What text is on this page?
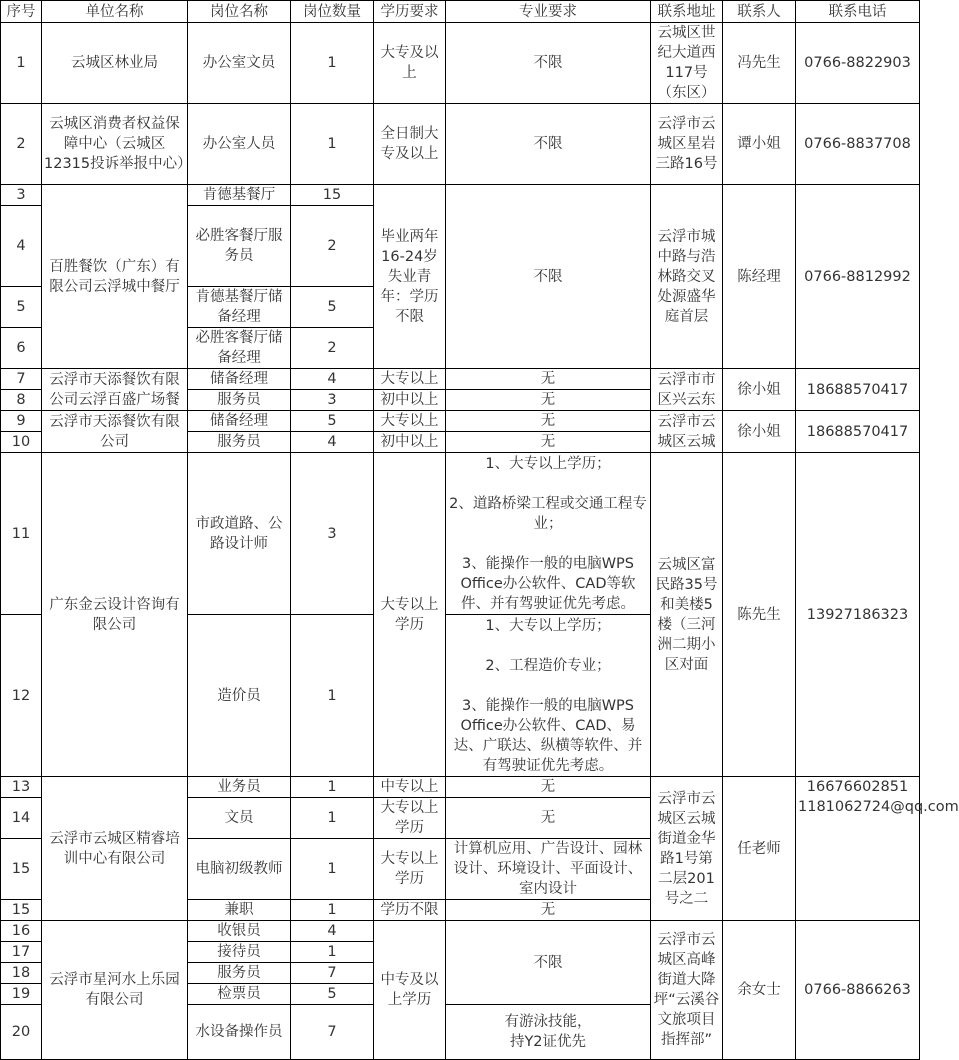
序号	单位名称	岗位名称	岗位数量	学历要求	专业要求	联系地址	联系人	联系电话
1	云城区林业局	办公室文员	1	大专及以上	不限	云城区世纪大道西117号（东区）	冯先生	0766-8822903
2	云城区消费者权益保障中心（云城区12315投诉举报中心）	办公室人员	1	全日制大专及以上	不限	云浮市云城区星岩三路16号	谭小姐	0766-8837708
3	百胜餐饮（广东）有限公司云浮城中餐厅	肯德基餐厅	15	毕业两年16-24岁失业青年：学历不限	不限	云浮市城中路与浩林路交叉处源盛华庭首层	陈经理	0766-8812992
4		必胜客餐厅服务员	2					
5		肯德基餐厅储备经理	5					
6		必胜客餐厅储备经理	2					
7	云浮市天添餐饮有限公司云浮百盛广场餐	储备经理	4	大专以上	无	云浮市市区兴云东	徐小姐	18688570417
8		服务员	3	初中以上	无			
9	云浮市天添餐饮有限公司	储备经理	5	大专以上	无	云浮市云城区云城	徐小姐	18688570417
10		服务员	4	初中以上	无			
11	广东金云设计咨询有限公司	市政道路、公路设计师	3	大专以上学历	1、大专以上学历；

2、道路桥梁工程或交通工程专业；

3、能操作一般的电脑WPS Office办公软件、CAD等软件、并有驾驶证优先考虑。	云城区富民路35号和美楼5楼（三河洲二期小区对面	陈先生	13927186323
12		造价员	1		1、大专以上学历；

2、工程造价专业；

3、能操作一般的电脑WPS Office办公软件、CAD、易达、广联达、纵横等软件、并有驾驶证优先考虑。			
13	云浮市云城区精睿培训中心有限公司	业务员	1	中专以上	无	云浮市云城区云城街道金华路1号第二层201号之二	任老师	16676602851
1181062724@qq.com
14		文员	1	大专以上学历	无			
15		电脑初级教师	1	大专以上学历	计算机应用、广告设计、园林设计、环境设计、平面设计、室内设计			
15		兼职	1	学历不限	无			
16	云浮市星河水上乐园有限公司	收银员	4	中专及以上学历	不限	云浮市云城区高峰街道大降坪“云溪谷文旅项目指挥部”	余女士	0766-8866263
17		接待员	1					
18		服务员	7					
19		检票员	5					
20		水设备操作员	7		有游泳技能，
持Y2证优先			
